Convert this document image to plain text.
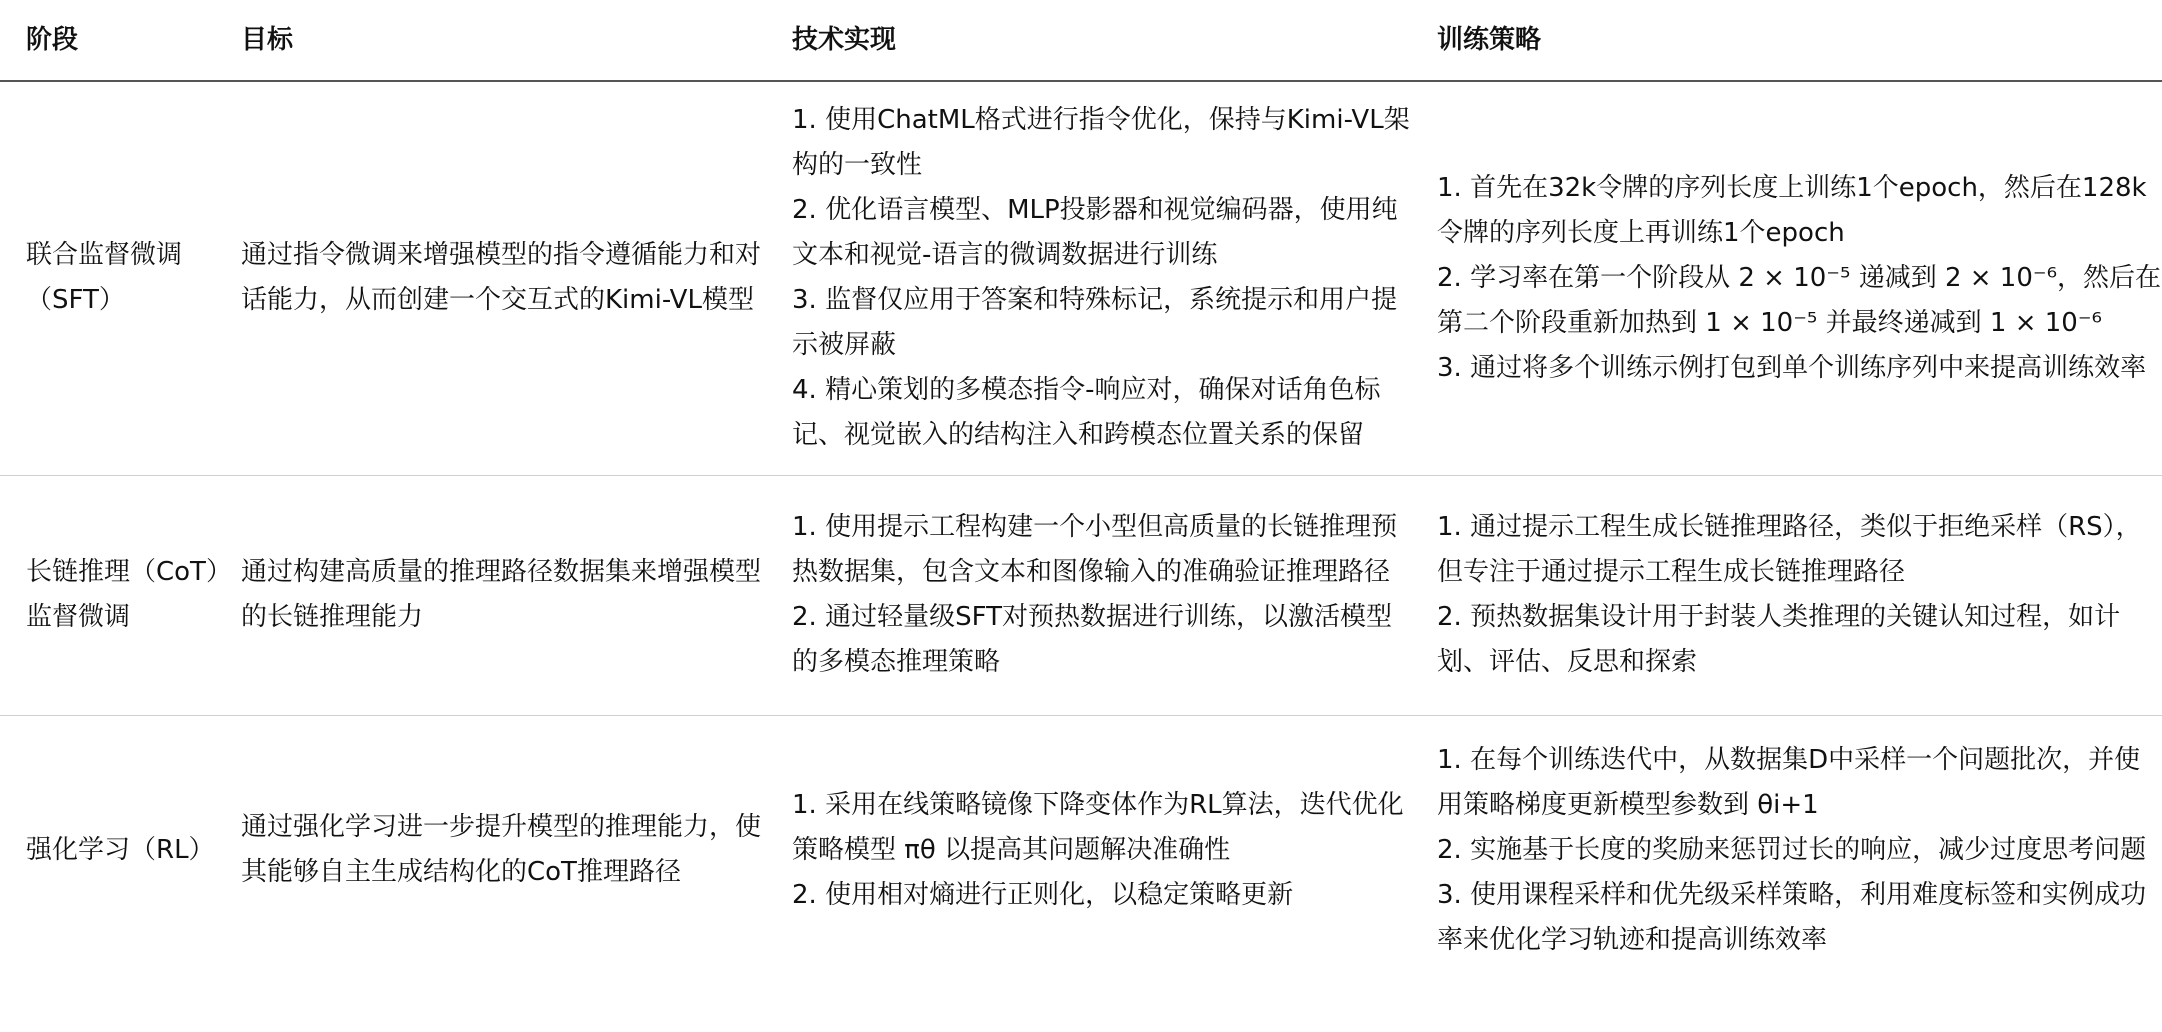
阶段	目标	技术实现	训练策略

联合监督微调（SFT）	通过指令微调来增强模型的指令遵循能力和对话能力，从而创建一个交互式的Kimi-VL模型	1. 使用ChatML格式进行指令优化，保持与Kimi-VL架构的一致性
2. 优化语言模型、MLP投影器和视觉编码器，使用纯文本和视觉-语言的微调数据进行训练
3. 监督仅应用于答案和特殊标记，系统提示和用户提示被屏蔽
4. 精心策划的多模态指令-响应对，确保对话角色标记、视觉嵌入的结构注入和跨模态位置关系的保留	1. 首先在32k令牌的序列长度上训练1个epoch，然后在128k令牌的序列长度上再训练1个epoch
2. 学习率在第一个阶段从 2 × 10⁻⁵ 递减到 2 × 10⁻⁶，然后在第二个阶段重新加热到 1 × 10⁻⁵ 并最终递减到 1 × 10⁻⁶
3. 通过将多个训练示例打包到单个训练序列中来提高训练效率

长链推理（CoT）监督微调	通过构建高质量的推理路径数据集来增强模型的长链推理能力	1. 使用提示工程构建一个小型但高质量的长链推理预热数据集，包含文本和图像输入的准确验证推理路径
2. 通过轻量级SFT对预热数据进行训练，以激活模型的多模态推理策略	1. 通过提示工程生成长链推理路径，类似于拒绝采样（RS），但专注于通过提示工程生成长链推理路径
2. 预热数据集设计用于封装人类推理的关键认知过程，如计划、评估、反思和探索

强化学习（RL）	通过强化学习进一步提升模型的推理能力，使其能够自主生成结构化的CoT推理路径	1. 采用在线策略镜像下降变体作为RL算法，迭代优化策略模型 πθ 以提高其问题解决准确性
2. 使用相对熵进行正则化，以稳定策略更新	1. 在每个训练迭代中，从数据集D中采样一个问题批次，并使用策略梯度更新模型参数到 θi+1
2. 实施基于长度的奖励来惩罚过长的响应，减少过度思考问题
3. 使用课程采样和优先级采样策略，利用难度标签和实例成功率来优化学习轨迹和提高训练效率
